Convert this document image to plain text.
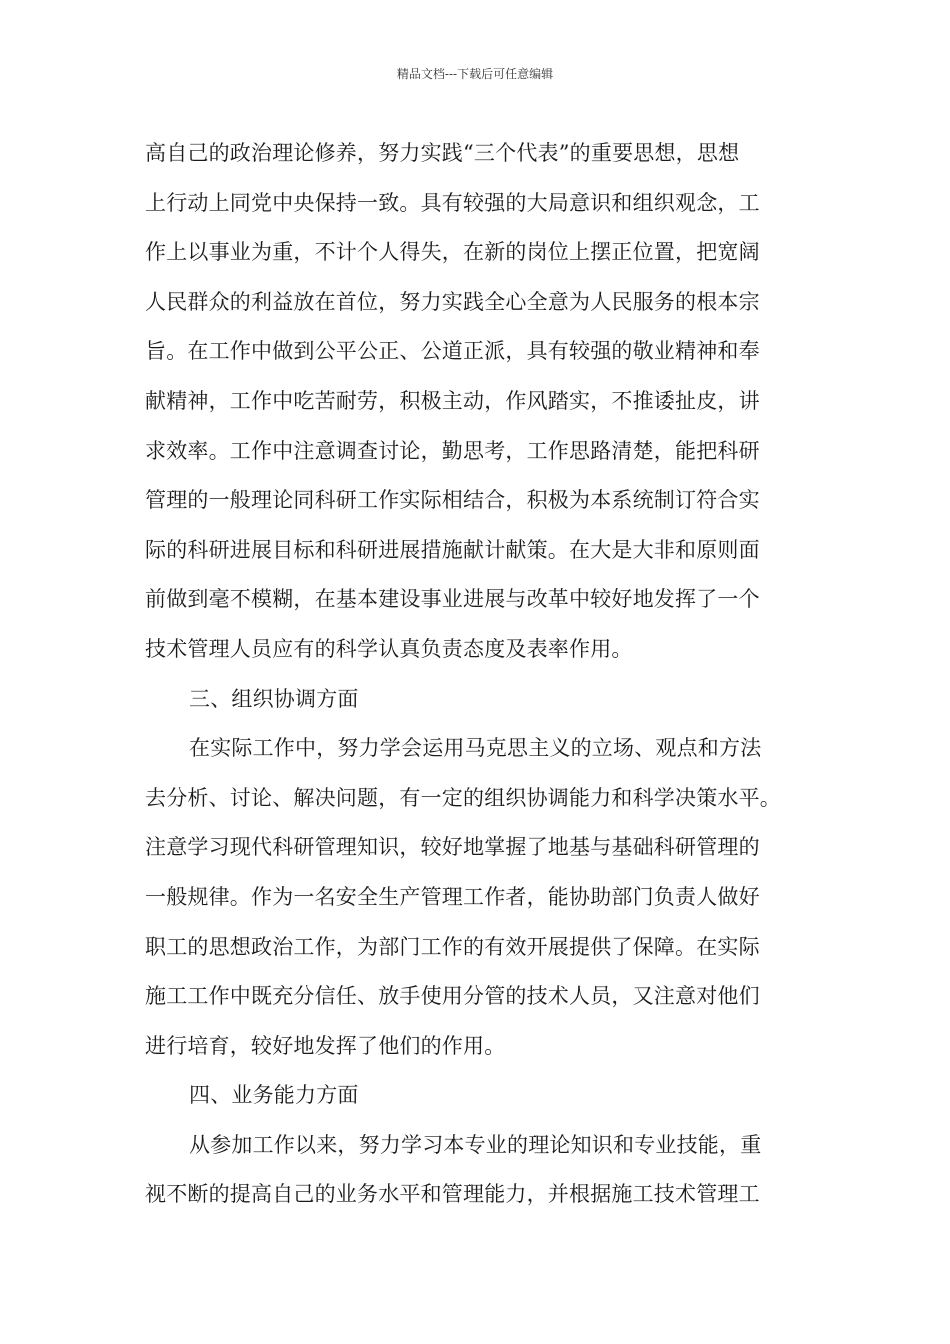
精品文档---下载后可任意编辑
高自己的政治理论修养，努力实践“三个代表”的重要思想，思想
上行动上同党中央保持一致。具有较强的大局意识和组织观念，工
作上以事业为重，不计个人得失，在新的岗位上摆正位置，把宽阔
人民群众的利益放在首位，努力实践全心全意为人民服务的根本宗
旨。在工作中做到公平公正、公道正派，具有较强的敬业精神和奉
献精神，工作中吃苦耐劳，积极主动，作风踏实，不推诿扯皮，讲
求效率。工作中注意调查讨论，勤思考，工作思路清楚，能把科研
管理的一般理论同科研工作实际相结合，积极为本系统制订符合实
际的科研进展目标和科研进展措施献计献策。在大是大非和原则面
前做到毫不模糊，在基本建设事业进展与改革中较好地发挥了一个
技术管理人员应有的科学认真负责态度及表率作用。
三、组织协调方面
在实际工作中，努力学会运用马克思主义的立场、观点和方法
去分析、讨论、解决问题，有一定的组织协调能力和科学决策水平。
注意学习现代科研管理知识，较好地掌握了地基与基础科研管理的
一般规律。作为一名安全生产管理工作者，能协助部门负责人做好
职工的思想政治工作，为部门工作的有效开展提供了保障。在实际
施工工作中既充分信任、放手使用分管的技术人员，又注意对他们
进行培育，较好地发挥了他们的作用。
四、业务能力方面
从参加工作以来，努力学习本专业的理论知识和专业技能，重
视不断的提高自己的业务水平和管理能力，并根据施工技术管理工
